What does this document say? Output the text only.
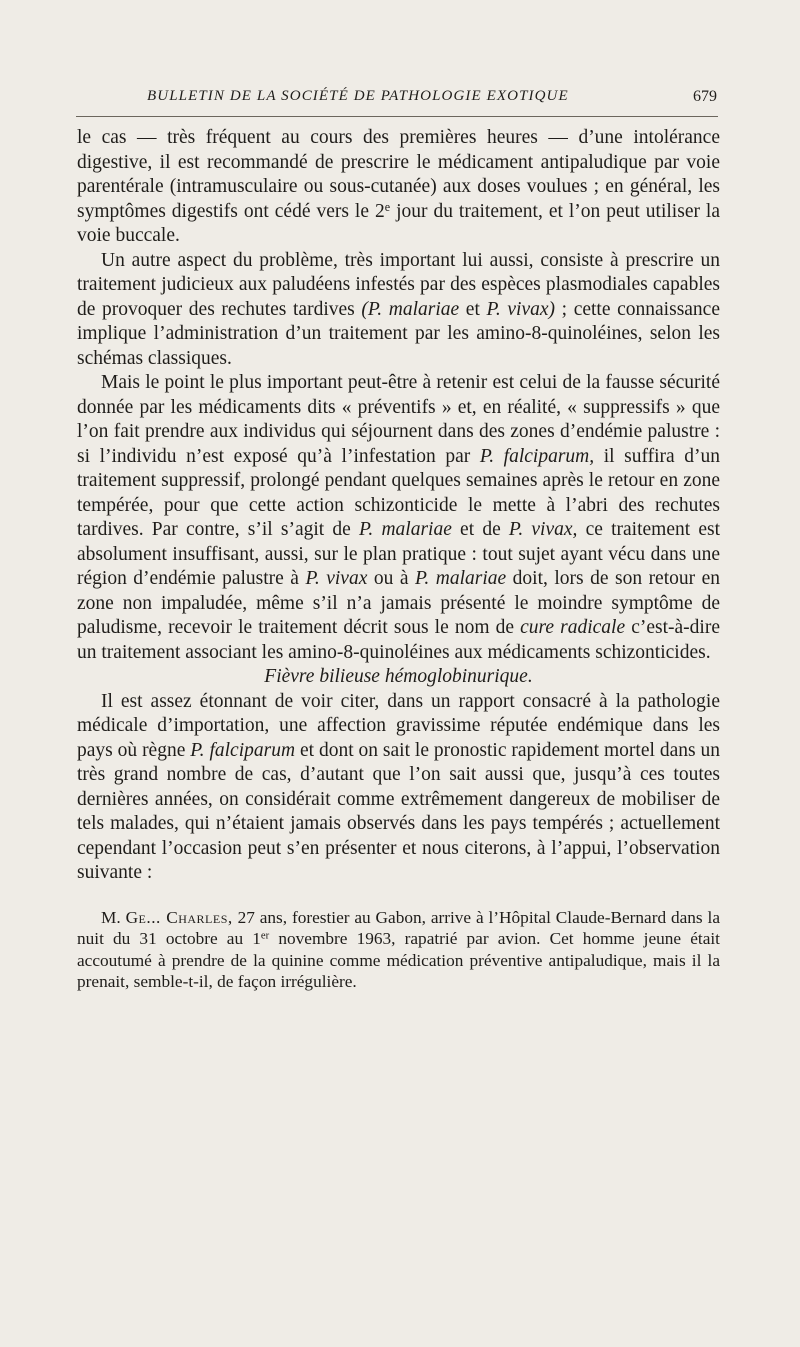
BULLETIN DE LA SOCIÉTÉ DE PATHOLOGIE EXOTIQUE	679

le cas — très fréquent au cours des premières heures — d’une intolérance digestive, il est recommandé de prescrire le médicament antipaludique par voie parentérale (intramusculaire ou sous-cutanée) aux doses voulues ; en général, les symptômes digestifs ont cédé vers le 2e jour du traitement, et l’on peut utiliser la voie buccale.

Un autre aspect du problème, très important lui aussi, consiste à prescrire un traitement judicieux aux paludéens infestés par des espèces plasmodiales capables de provoquer des rechutes tardives (P. malariae et P. vivax) ; cette connaissance implique l’administration d’un traitement par les amino-8-quinoléines, selon les schémas classiques.

Mais le point le plus important peut-être à retenir est celui de la fausse sécurité donnée par les médicaments dits « préventifs » et, en réalité, « suppressifs » que l’on fait prendre aux individus qui séjournent dans des zones d’endémie palustre : si l’individu n’est exposé qu’à l’infestation par P. falciparum, il suffira d’un traitement suppressif, prolongé pendant quelques semaines après le retour en zone tempérée, pour que cette action schizonticide le mette à l’abri des rechutes tardives. Par contre, s’il s’agit de P. malariae et de P. vivax, ce traitement est absolument insuffisant, aussi, sur le plan pratique : tout sujet ayant vécu dans une région d’endémie palustre à P. vivax ou à P. malariae doit, lors de son retour en zone non impaludée, même s’il n’a jamais présenté le moindre symptôme de paludisme, recevoir le traitement décrit sous le nom de cure radicale c’est-à-dire un traitement associant les amino-8-quinoléines aux médicaments schizonticides.

Fièvre bilieuse hémoglobinurique.

Il est assez étonnant de voir citer, dans un rapport consacré à la pathologie médicale d’importation, une affection gravissime réputée endémique dans les pays où règne P. falciparum et dont on sait le pronostic rapidement mortel dans un très grand nombre de cas, d’autant que l’on sait aussi que, jusqu’à ces toutes dernières années, on considérait comme extrêmement dangereux de mobiliser de tels malades, qui n’étaient jamais observés dans les pays tempérés ; actuellement cependant l’occasion peut s’en présenter et nous citerons, à l’appui, l’observation suivante :

M. Ge... Charles, 27 ans, forestier au Gabon, arrive à l’Hôpital Claude-Bernard dans la nuit du 31 octobre au 1er novembre 1963, rapatrié par avion. Cet homme jeune était accoutumé à prendre de la quinine comme médication préventive antipaludique, mais il la prenait, semble-t-il, de façon irrégulière.
